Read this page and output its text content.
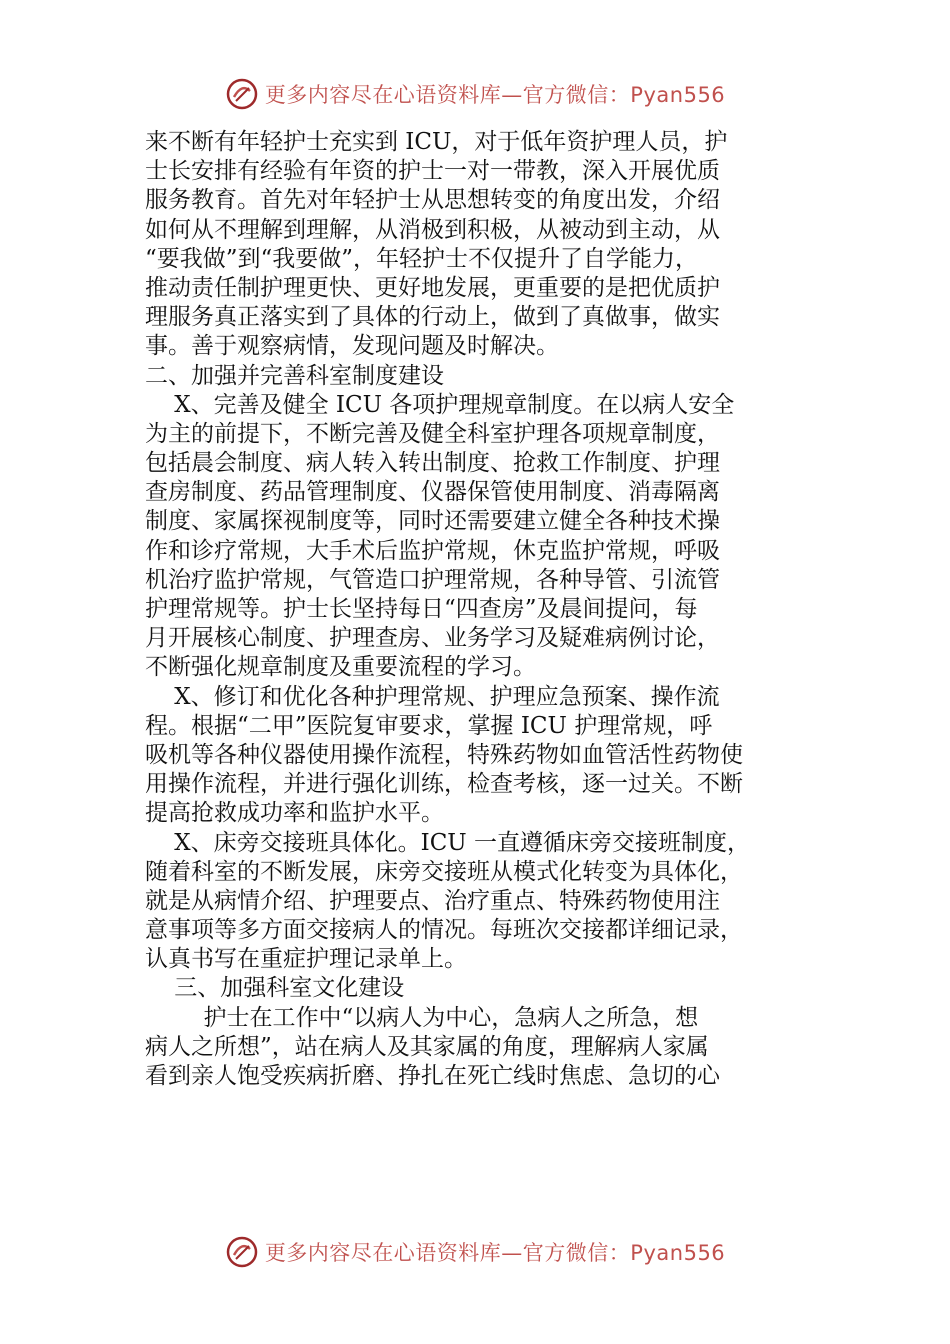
更多内容尽在心语资料库—官方微信：Pyan556
来不断有年轻护士充实到 ICU，对于低年资护理人员，护
士长安排有经验有年资的护士一对一带教，深入开展优质
服务教育。首先对年轻护士从思想转变的角度出发，介绍
如何从不理解到理解，从消极到积极，从被动到主动，从
“要我做”到“我要做”，年轻护士不仅提升了自学能力，
推动责任制护理更快、更好地发展，更重要的是把优质护
理服务真正落实到了具体的行动上，做到了真做事，做实
事。善于观察病情，发现问题及时解决。
二、加强并完善科室制度建设
X、完善及健全 ICU 各项护理规章制度。在以病人安全
为主的前提下，不断完善及健全科室护理各项规章制度，
包括晨会制度、病人转入转出制度、抢救工作制度、护理
查房制度、药品管理制度、仪器保管使用制度、消毒隔离
制度、家属探视制度等，同时还需要建立健全各种技术操
作和诊疗常规，大手术后监护常规，休克监护常规，呼吸
机治疗监护常规，气管造口护理常规，各种导管、引流管
护理常规等。护士长坚持每日“四查房”及晨间提问，每
月开展核心制度、护理查房、业务学习及疑难病例讨论，
不断强化规章制度及重要流程的学习。
X、修订和优化各种护理常规、护理应急预案、操作流
程。根据“二甲”医院复审要求，掌握 ICU 护理常规，呼
吸机等各种仪器使用操作流程，特殊药物如血管活性药物使
用操作流程，并进行强化训练，检查考核，逐一过关。不断
提高抢救成功率和监护水平。
X、床旁交接班具体化。ICU 一直遵循床旁交接班制度，
随着科室的不断发展，床旁交接班从模式化转变为具体化，
就是从病情介绍、护理要点、治疗重点、特殊药物使用注
意事项等多方面交接病人的情况。每班次交接都详细记录，
认真书写在重症护理记录单上。
三、加强科室文化建设
护士在工作中“以病人为中心，急病人之所急，想
病人之所想”，站在病人及其家属的角度，理解病人家属
看到亲人饱受疾病折磨、挣扎在死亡线时焦虑、急切的心
更多内容尽在心语资料库—官方微信：Pyan556
